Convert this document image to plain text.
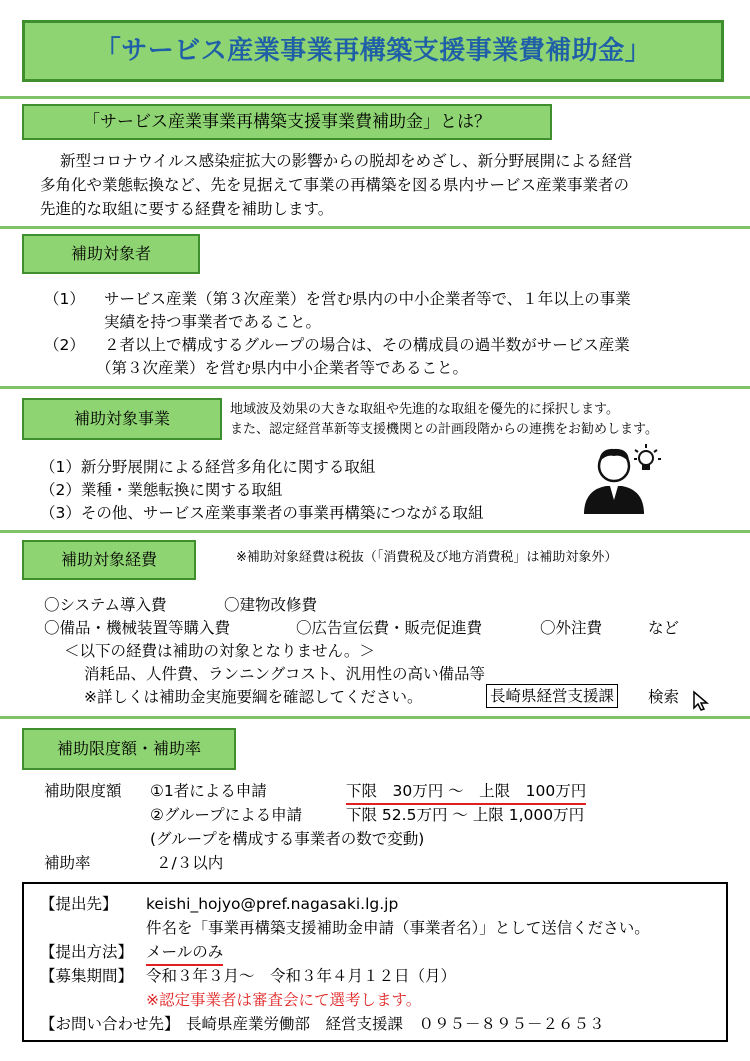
「サービス産業事業再構築支援事業費補助金」
「サービス産業事業再構築支援事業費補助金」とは？
新型コロナウイルス感染症拡大の影響からの脱却をめざし、新分野展開による経営
多角化や業態転換など、先を見据えて事業の再構築を図る県内サービス産業事業者の
先進的な取組に要する経費を補助します。
補助対象者
（1） サービス産業（第３次産業）を営む県内の中小企業者等で、１年以上の事業
実績を持つ事業者であること。
（2） ２者以上で構成するグループの場合は、その構成員の過半数がサービス産業
（第３次産業）を営む県内中小企業者等であること。
補助対象事業	地域波及効果の大きな取組や先進的な取組を優先的に採択します。
また、認定経営革新等支援機関との計画段階からの連携をお勧めします。
（1）新分野展開による経営多角化に関する取組
（2）業種・業態転換に関する取組
（3）その他、サービス産業事業者の事業再構築につながる取組
補助対象経費	※補助対象経費は税抜（「消費税及び地方消費税」は補助対象外）
〇システム導入費	〇建物改修費
〇備品・機械装置等購入費	〇広告宣伝費・販売促進費	〇外注費	など
＜以下の経費は補助の対象となりません。＞
消耗品、人件費、ランニングコスト、汎用性の高い備品等
※詳しくは補助金実施要綱を確認してください。	長崎県経営支援課 検索
補助限度額・補助率
補助限度額 ①1者による申請	下限　30万円 ～　上限　100万円
②グループによる申請	下限 52.5万円 ～ 上限 1,000万円
(グループを構成する事業者の数で変動)
補助率	２/３以内
【提出先】 keishi_hojyo@pref.nagasaki.lg.jp
件名を「事業再構築支援補助金申請（事業者名）」として送信ください。
【提出方法】 メールのみ
【募集期間】 令和３年３月～　令和３年４月１２日（月）
※認定事業者は審査会にて選考します。
【お問い合わせ先】 長崎県産業労働部　経営支援課　０９５－８９５－２６５３
